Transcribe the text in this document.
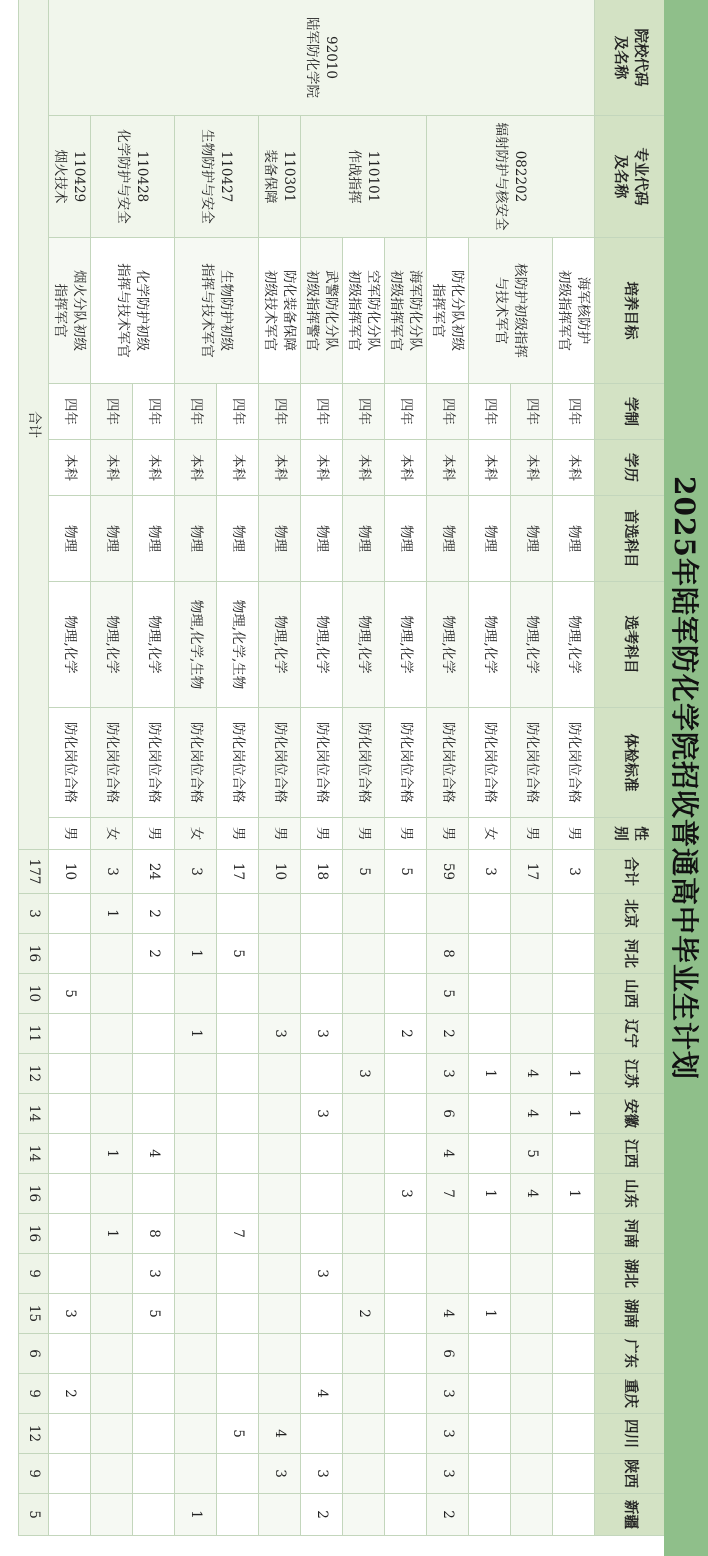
2025年陆军防化学院招收普通高中毕业生计划
院校代码
及名称
专业代码
及名称
培养目标
学制
学历
首选科目
选考科目
体检标准
性别
合计
北京
河北
山西
辽宁
江苏
安徽
江西
山东
河南
湖北
湖南
广东
重庆
四川
陕西
新疆
92010
陆军防化学院
082202
辐射防护与核安全
110101
作战指挥
110301
装备保障
110427
生物防护与安全
110428
化学防护与安全
110429
烟火技术
海军核防护
初级指挥军官
核防护初级指挥
与技术军官
防化分队初级
指挥军官
海军防化分队
初级指挥军官
空军防化分队
初级指挥军官
武警防化分队
初级指挥警官
防化装备保障
初级技术军官
生物防护初级
指挥与技术军官
化学防护初级
指挥与技术军官
烟火分队初级
指挥军官
四年
本科
物理
物理,化学
防化岗位合格
男
3
1
1
1
四年
本科
物理
物理,化学
防化岗位合格
男
17
4
4
5
4
四年
本科
物理
物理,化学
防化岗位合格
女
3
1
1
1
四年
本科
物理
物理,化学
防化岗位合格
男
59
8
5
2
3
6
4
7
4
6
3
3
3
2
四年
本科
物理
物理,化学
防化岗位合格
男
5
2
3
四年
本科
物理
物理,化学
防化岗位合格
男
5
3
2
四年
本科
物理
物理,化学
防化岗位合格
男
18
3
3
3
4
3
2
四年
本科
物理
物理,化学
防化岗位合格
男
10
3
4
3
四年
本科
物理
物理,化学,生物
防化岗位合格
男
17
5
7
5
四年
本科
物理
物理,化学,生物
防化岗位合格
女
3
1
1
1
四年
本科
物理
物理,化学
防化岗位合格
男
24
2
2
4
8
3
5
四年
本科
物理
物理,化学
防化岗位合格
女
3
1
1
1
四年
本科
物理
物理,化学
防化岗位合格
男
10
5
3
2
合计
177
3
16
10
11
12
14
14
16
16
9
15
6
9
12
9
5
